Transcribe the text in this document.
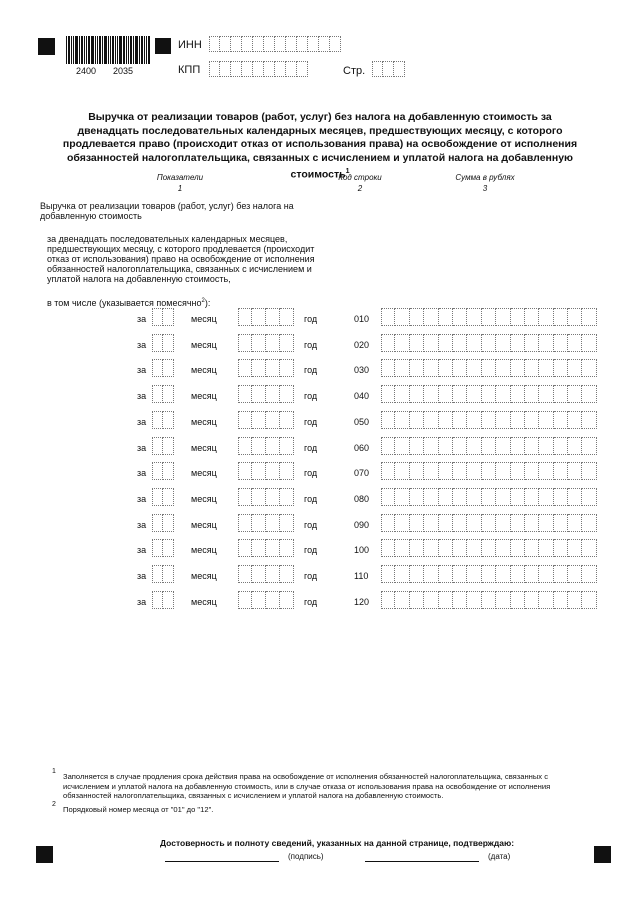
2400 2035
ИНН
КПП	Стр.
Выручка от реализации товаров (работ, услуг) без налога на добавленную стоимость за двенадцать последовательных календарных месяцев, предшествующих месяцу, с которого продлевается право (происходит отказ от использования права) на освобождение от исполнения обязанностей налогоплательщика, связанных с исчислением и уплатой налога на добавленную стоимость$^1$
Показатели
1
Код строки
2
Сумма в рублях
3
Выручка от реализации товаров (работ, услуг) без налога на добавленную стоимость
за двенадцать последовательных календарных месяцев, предшествующих месяцу, с которого продлевается (происходит отказ от использования) право на освобождение от исполнения обязанностей налогоплательщика, связанных с исчислением и уплатой налога на добавленную стоимость,
в том числе (указывается помесячно$^2$):
за	месяц	год	010
за	месяц	год	020
за	месяц	год	030
за	месяц	год	040
за	месяц	год	050
за	месяц	год	060
за	месяц	год	070
за	месяц	год	080
за	месяц	год	090
за	месяц	год	100
за	месяц	год	110
за	месяц	год	120
1
Заполняется в случае продления срока действия права на освобождение от исполнения обязанностей налогоплательщика, связанных с исчислением и уплатой налога на добавленную стоимость, или в случае отказа от использования права на освобождение от исполнения обязанностей налогоплательщика, связанных с исчислением и уплатой налога на добавленную стоимость.
2
Порядковый номер месяца от "01" до "12".
Достоверность и полноту сведений, указанных на данной странице, подтверждаю:
(подпись)	(дата)
